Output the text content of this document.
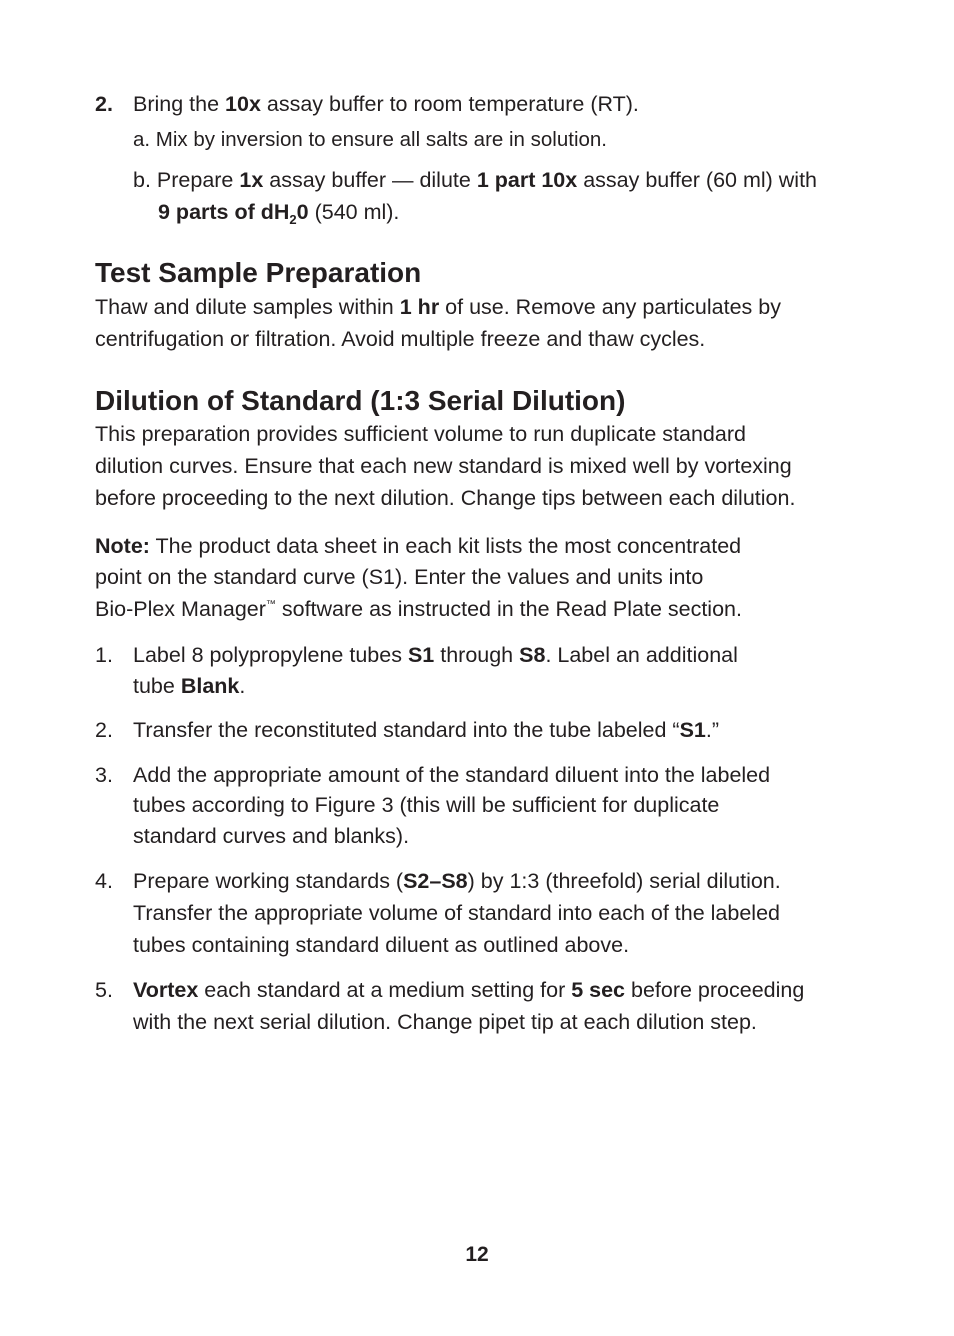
2. Bring the 10x assay buffer to room temperature (RT).
a. Mix by inversion to ensure all salts are in solution.
b. Prepare 1x assay buffer — dilute 1 part 10x assay buffer (60 ml) with
9 parts of $dH_20$ (540 ml).
Test Sample Preparation
Thaw and dilute samples within 1 hr of use. Remove any particulates by
centrifugation or filtration. Avoid multiple freeze and thaw cycles.
Dilution of Standard (1:3 Serial Dilution)
This preparation provides sufficient volume to run duplicate standard
dilution curves. Ensure that each new standard is mixed well by vortexing
before proceeding to the next dilution. Change tips between each dilution.
Note: The product data sheet in each kit lists the most concentrated
point on the standard curve (S1). Enter the values and units into
Bio-Plex Manager™ software as instructed in the Read Plate section.
1. Label 8 polypropylene tubes S1 through S8. Label an additional
tube Blank.
2. Transfer the reconstituted standard into the tube labeled “S1.”
3. Add the appropriate amount of the standard diluent into the labeled
tubes according to Figure 3 (this will be sufficient for duplicate
standard curves and blanks).
4. Prepare working standards (S2–S8) by 1:3 (threefold) serial dilution.
Transfer the appropriate volume of standard into each of the labeled
tubes containing standard diluent as outlined above.
5. Vortex each standard at a medium setting for 5 sec before proceeding
with the next serial dilution. Change pipet tip at each dilution step.
12
